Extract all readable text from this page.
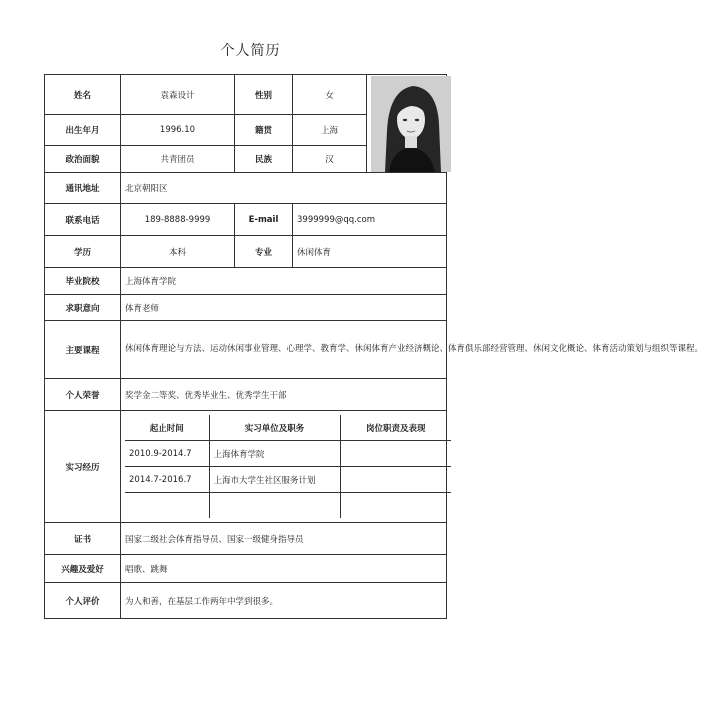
个人简历
姓名	袁森设计	性别	女	

出生年月	1996.10	籍贯	上海
政治面貌	共青团员	民族	汉
通讯地址	北京朝阳区
联系电话	189-8888-9999	E-mail	3999999@qq.com
学历	本科	专业	休闲体育
毕业院校	上海体育学院
求职意向	体育老师
主要课程	休闲体育理论与方法、运动休闲事业管理、心理学、教育学、休闲体育产业经济概论、体育俱乐部经营管理、休闲文化概论、体育活动策划与组织等课程。
个人荣誉	奖学金二等奖、优秀毕业生、优秀学生干部
实习经历	
起止时间	实习单位及职务	岗位职责及表现
2010.9-2014.7	上海体育学院	
2014.7-2016.7	上海市大学生社区服务计划	

证书	国家二级社会体育指导员、国家一级健身指导员
兴趣及爱好	唱歌、跳舞
个人评价	为人和善，在基层工作两年中学到很多。
